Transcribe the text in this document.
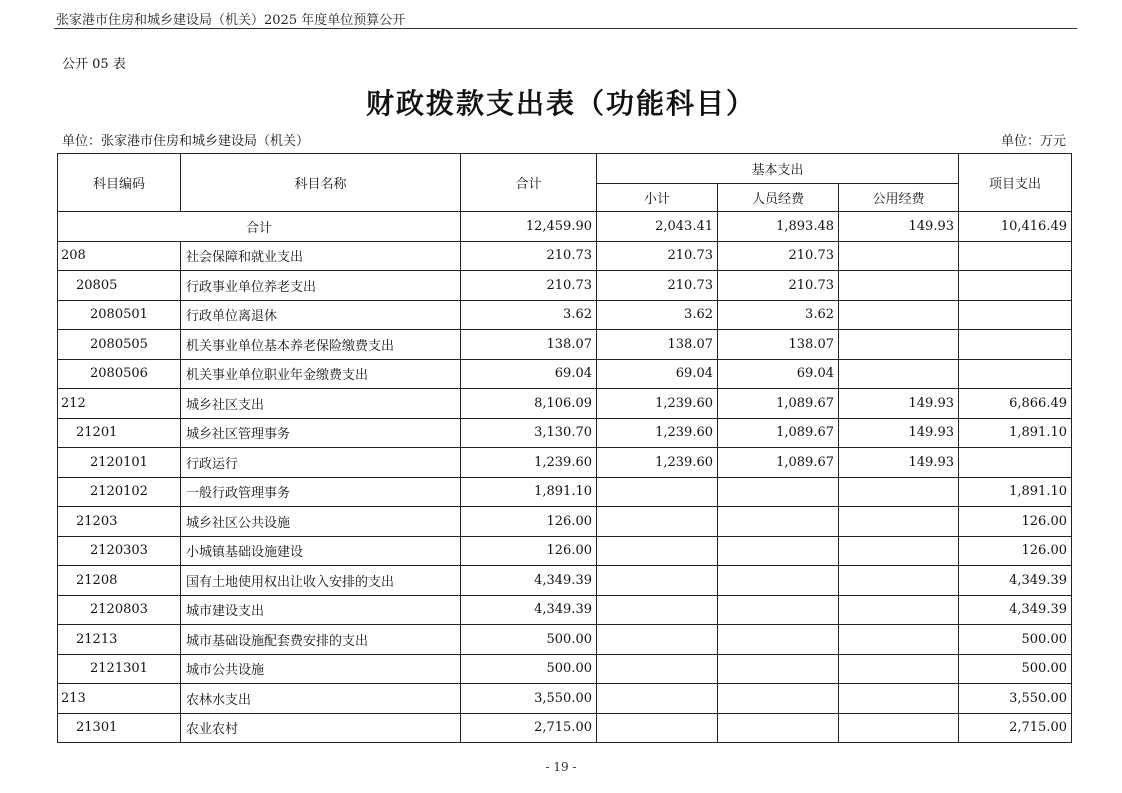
张家港市住房和城乡建设局（机关）2025 年度单位预算公开
公开 05 表
财政拨款支出表（功能科目）
单位：张家港市住房和城乡建设局（机关）	单位：万元
科目编码	科目名称	合计	基本支出			项目支出
			小计	人员经费	公用经费	
合计		12,459.90	2,043.41	1,893.48	149.93	10,416.49
208	社会保障和就业支出	210.73	210.73	210.73		
20805	行政事业单位养老支出	210.73	210.73	210.73		
2080501	行政单位离退休	3.62	3.62	3.62		
2080505	机关事业单位基本养老保险缴费支出	138.07	138.07	138.07		
2080506	机关事业单位职业年金缴费支出	69.04	69.04	69.04		
212	城乡社区支出	8,106.09	1,239.60	1,089.67	149.93	6,866.49
21201	城乡社区管理事务	3,130.70	1,239.60	1,089.67	149.93	1,891.10
2120101	行政运行	1,239.60	1,239.60	1,089.67	149.93	
2120102	一般行政管理事务	1,891.10				1,891.10
21203	城乡社区公共设施	126.00				126.00
2120303	小城镇基础设施建设	126.00				126.00
21208	国有土地使用权出让收入安排的支出	4,349.39				4,349.39
2120803	城市建设支出	4,349.39				4,349.39
21213	城市基础设施配套费安排的支出	500.00				500.00
2121301	城市公共设施	500.00				500.00
213	农林水支出	3,550.00				3,550.00
21301	农业农村	2,715.00				2,715.00
- 19 -
